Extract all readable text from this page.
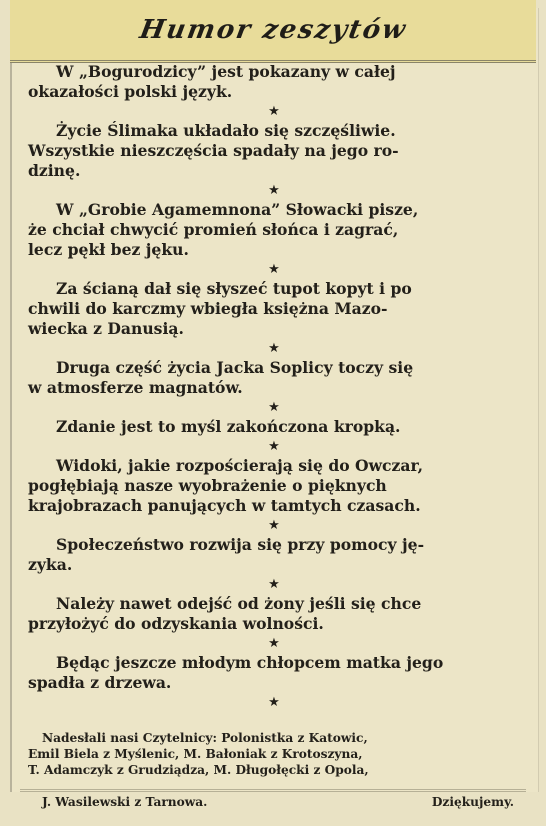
Humor zeszytów

W „Bogurodzicy” jest pokazany w całej
okazałości polski język.

★

Życie Ślimaka układało się szczęśliwie.
Wszystkie nieszczęścia spadały na jego ro-
dzinę.

★

W „Grobie Agamemnona” Słowacki pisze,
że chciał chwycić promień słońca i zagrać,
lecz pękł bez jęku.

★

Za ścianą dał się słyszeć tupot kopyt i po
chwili do karczmy wbiegła księżna Mazo-
wiecka z Danusią.

★

Druga część życia Jacka Soplicy toczy się
w atmosferze magnatów.

★

Zdanie jest to myśl zakończona kropką.

★

Widoki, jakie rozpościerają się do Owczar,
pogłębiają nasze wyobrażenie o pięknych
krajobrazach panujących w tamtych czasach.

★

Społeczeństwo rozwija się przy pomocy ję-
zyka.

★

Należy nawet odejść od żony jeśli się chce
przyłożyć do odzyskania wolności.

★

Będąc jeszcze młodym chłopcem matka jego
spadła z drzewa.

★

Nadesłali nasi Czytelnicy: Polonistka z Katowic,
Emil Biela z Myślenic, M. Bałoniak z Krotoszyna,
T. Adamczyk z Grudziądza, M. Długołęcki z Opola,

J. Wasilewski z Tarnowa.	Dziękujemy.
